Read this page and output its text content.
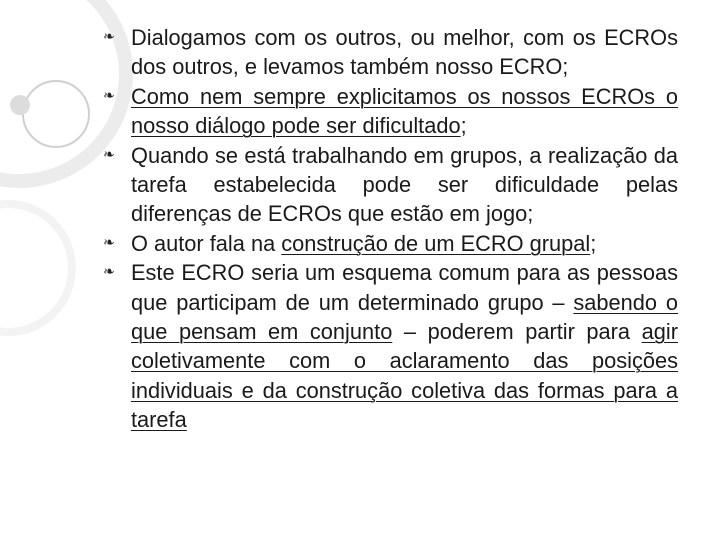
❧ Dialogamos com os outros, ou melhor, com os ECROs dos outros, e levamos também nosso ECRO;
❧ Como nem sempre explicitamos os nossos ECROs o nosso diálogo pode ser dificultado;
❧ Quando se está trabalhando em grupos, a realização da tarefa estabelecida pode ser dificuldade pelas diferenças de ECROs que estão em jogo;
❧ O autor fala na construção de um ECRO grupal;
❧ Este ECRO seria um esquema comum para as pessoas que participam de um determinado grupo – sabendo o que pensam em conjunto – poderem partir para agir coletivamente com o aclaramento das posições individuais e da construção coletiva das formas para a tarefa
